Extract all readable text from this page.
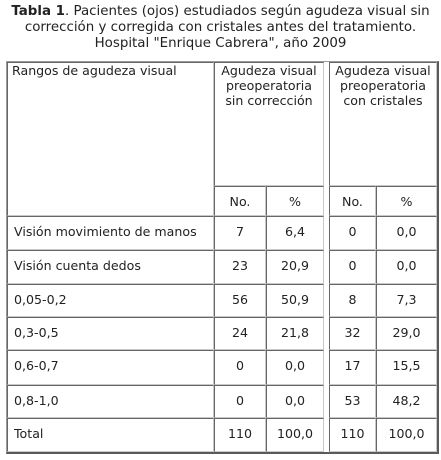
Tabla 1. Pacientes (ojos) estudiados según agudeza visual sin corrección y corregida con cristales antes del tratamiento. Hospital "Enrique Cabrera", año 2009
Rangos de agudeza visual	Agudeza visual preoperatoria sin corrección			Agudeza visual preoperatoria con cristales	
	No.	%		No.	%
Visión movimiento de manos	7	6,4		0	0,0
Visión cuenta dedos	23	20,9		0	0,0
0,05-0,2	56	50,9		8	7,3
0,3-0,5	24	21,8		32	29,0
0,6-0,7	0	0,0		17	15,5
0,8-1,0	0	0,0		53	48,2
Total	110	100,0		110	100,0
